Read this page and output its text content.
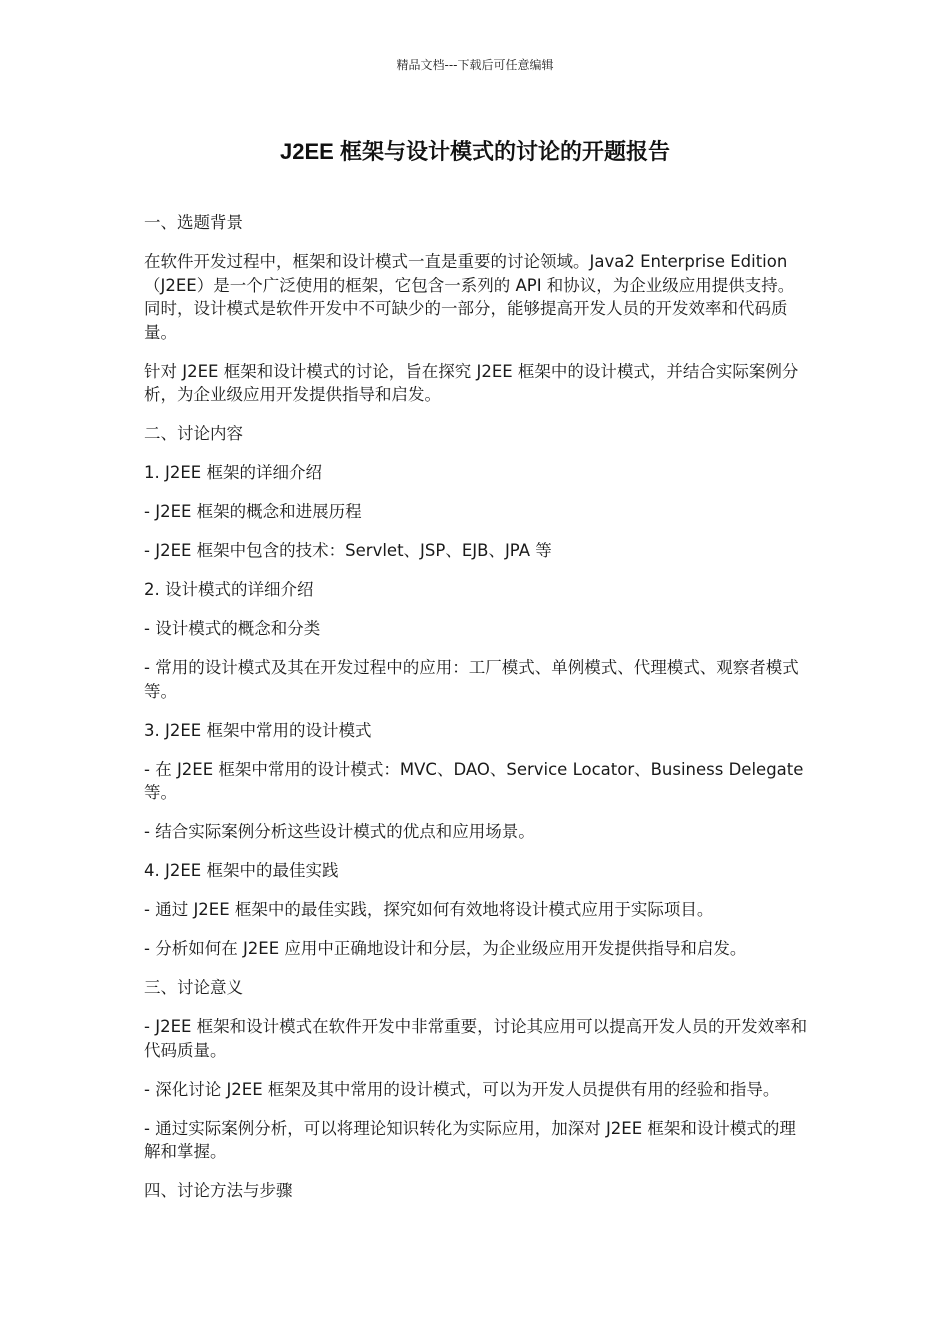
精品文档---下载后可任意编辑
J2EE 框架与设计模式的讨论的开题报告

一、选题背景

在软件开发过程中，框架和设计模式一直是重要的讨论领域。Java2 Enterprise Edition（J2EE）是一个广泛使用的框架，它包含一系列的 API 和协议，为企业级应用提供支持。同时，设计模式是软件开发中不可缺少的一部分，能够提高开发人员的开发效率和代码质量。

针对 J2EE 框架和设计模式的讨论，旨在探究 J2EE 框架中的设计模式，并结合实际案例分析，为企业级应用开发提供指导和启发。

二、讨论内容

1. J2EE 框架的详细介绍

- J2EE 框架的概念和进展历程

- J2EE 框架中包含的技术：Servlet、JSP、EJB、JPA 等

2. 设计模式的详细介绍

- 设计模式的概念和分类

- 常用的设计模式及其在开发过程中的应用：工厂模式、单例模式、代理模式、观察者模式等。

3. J2EE 框架中常用的设计模式

- 在 J2EE 框架中常用的设计模式：MVC、DAO、Service Locator、Business Delegate 等。

- 结合实际案例分析这些设计模式的优点和应用场景。

4. J2EE 框架中的最佳实践

- 通过 J2EE 框架中的最佳实践，探究如何有效地将设计模式应用于实际项目。

- 分析如何在 J2EE 应用中正确地设计和分层，为企业级应用开发提供指导和启发。

三、讨论意义

- J2EE 框架和设计模式在软件开发中非常重要，讨论其应用可以提高开发人员的开发效率和代码质量。

- 深化讨论 J2EE 框架及其中常用的设计模式，可以为开发人员提供有用的经验和指导。

- 通过实际案例分析，可以将理论知识转化为实际应用，加深对 J2EE 框架和设计模式的理解和掌握。

四、讨论方法与步骤
